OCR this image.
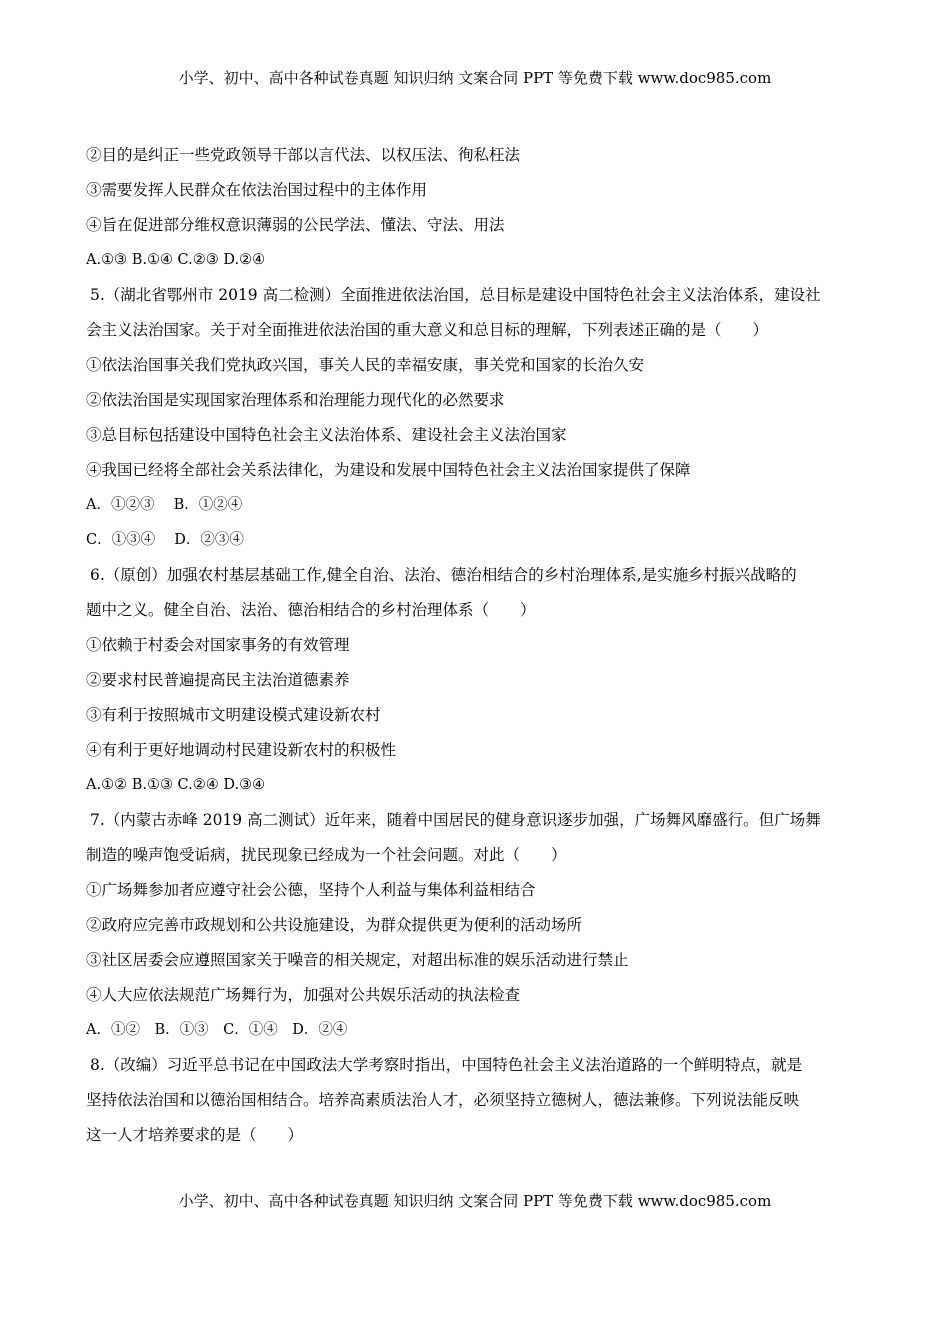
小学、初中、高中各种试卷真题 知识归纳 文案合同 PPT 等免费下载 www.doc985.com
②目的是纠正一些党政领导干部以言代法、以权压法、徇私枉法
③需要发挥人民群众在依法治国过程中的主体作用
④旨在促进部分维权意识薄弱的公民学法、懂法、守法、用法
A.①③ B.①④ C.②③ D.②④
5.（湖北省鄂州市 2019 高二检测）全面推进依法治国，总目标是建设中国特色社会主义法治体系，建设社
会主义法治国家。关于对全面推进依法治国的重大意义和总目标的理解，下列表述正确的是（　　）
①依法治国事关我们党执政兴国，事关人民的幸福安康，事关党和国家的长治久安
②依法治国是实现国家治理体系和治理能力现代化的必然要求
③总目标包括建设中国特色社会主义法治体系、建设社会主义法治国家
④我国已经将全部社会关系法律化，为建设和发展中国特色社会主义法治国家提供了保障
A．①②③　 B．①②④
C．①③④　 D．②③④
6.（原创）加强农村基层基础工作,健全自治、法治、德治相结合的乡村治理体系,是实施乡村振兴战略的
题中之义。健全自治、法治、德治相结合的乡村治理体系（　　）
①依赖于村委会对国家事务的有效管理
②要求村民普遍提高民主法治道德素养
③有利于按照城市文明建设模式建设新农村
④有利于更好地调动村民建设新农村的积极性
A.①② B.①③ C.②④ D.③④
7.（内蒙古赤峰 2019 高二测试）近年来，随着中国居民的健身意识逐步加强，广场舞风靡盛行。但广场舞
制造的噪声饱受诟病，扰民现象已经成为一个社会问题。对此（　　）
①广场舞参加者应遵守社会公德，坚持个人利益与集体利益相结合
②政府应完善市政规划和公共设施建设，为群众提供更为便利的活动场所
③社区居委会应遵照国家关于噪音的相关规定，对超出标准的娱乐活动进行禁止
④人大应依法规范广场舞行为，加强对公共娱乐活动的执法检查
A．①②　B．①③　C．①④　D．②④
8.（改编）习近平总书记在中国政法大学考察时指出，中国特色社会主义法治道路的一个鲜明特点，就是
坚持依法治国和以德治国相结合。培养高素质法治人才，必须坚持立德树人，德法兼修。下列说法能反映
这一人才培养要求的是（　　）
小学、初中、高中各种试卷真题 知识归纳 文案合同 PPT 等免费下载 www.doc985.com
